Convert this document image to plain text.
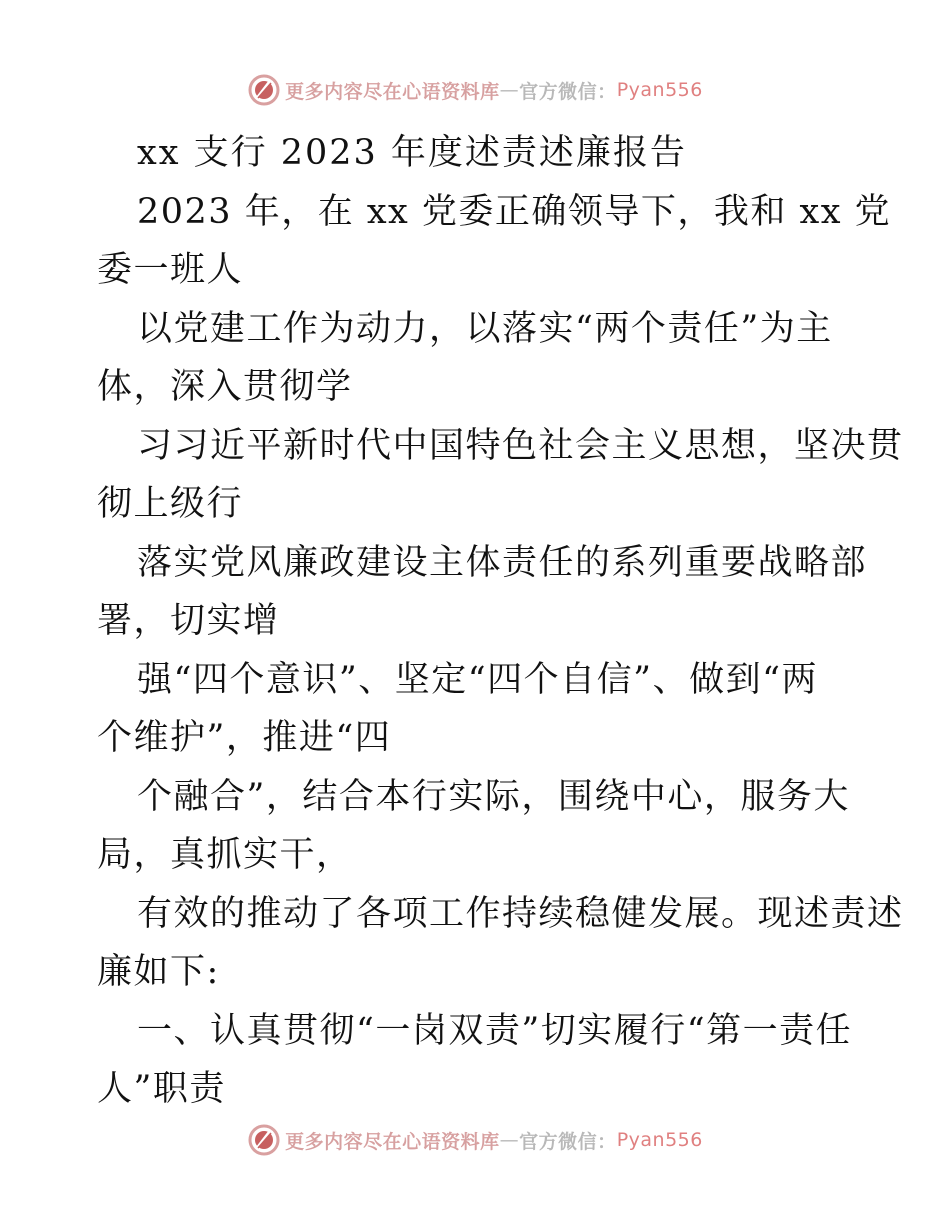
更多内容尽在心语资料库 — 官方微信： Pyan556
xx 支行 2023 年度述责述廉报告
2023 年，在 xx 党委正确领导下，我和 xx 党
委一班人
以党建工作为动力，以落实“两个责任”为主
体，深入贯彻学
习习近平新时代中国特色社会主义思想，坚决贯
彻上级行
落实党风廉政建设主体责任的系列重要战略部
署，切实增
强“四个意识”、坚定“四个自信”、做到“两
个维护”，推进“四
个融合”，结合本行实际，围绕中心，服务大
局，真抓实干，
有效的推动了各项工作持续稳健发展。现述责述
廉如下:
一、认真贯彻“一岗双责”切实履行“第一责任
人”职责
更多内容尽在心语资料库 — 官方微信： Pyan556
